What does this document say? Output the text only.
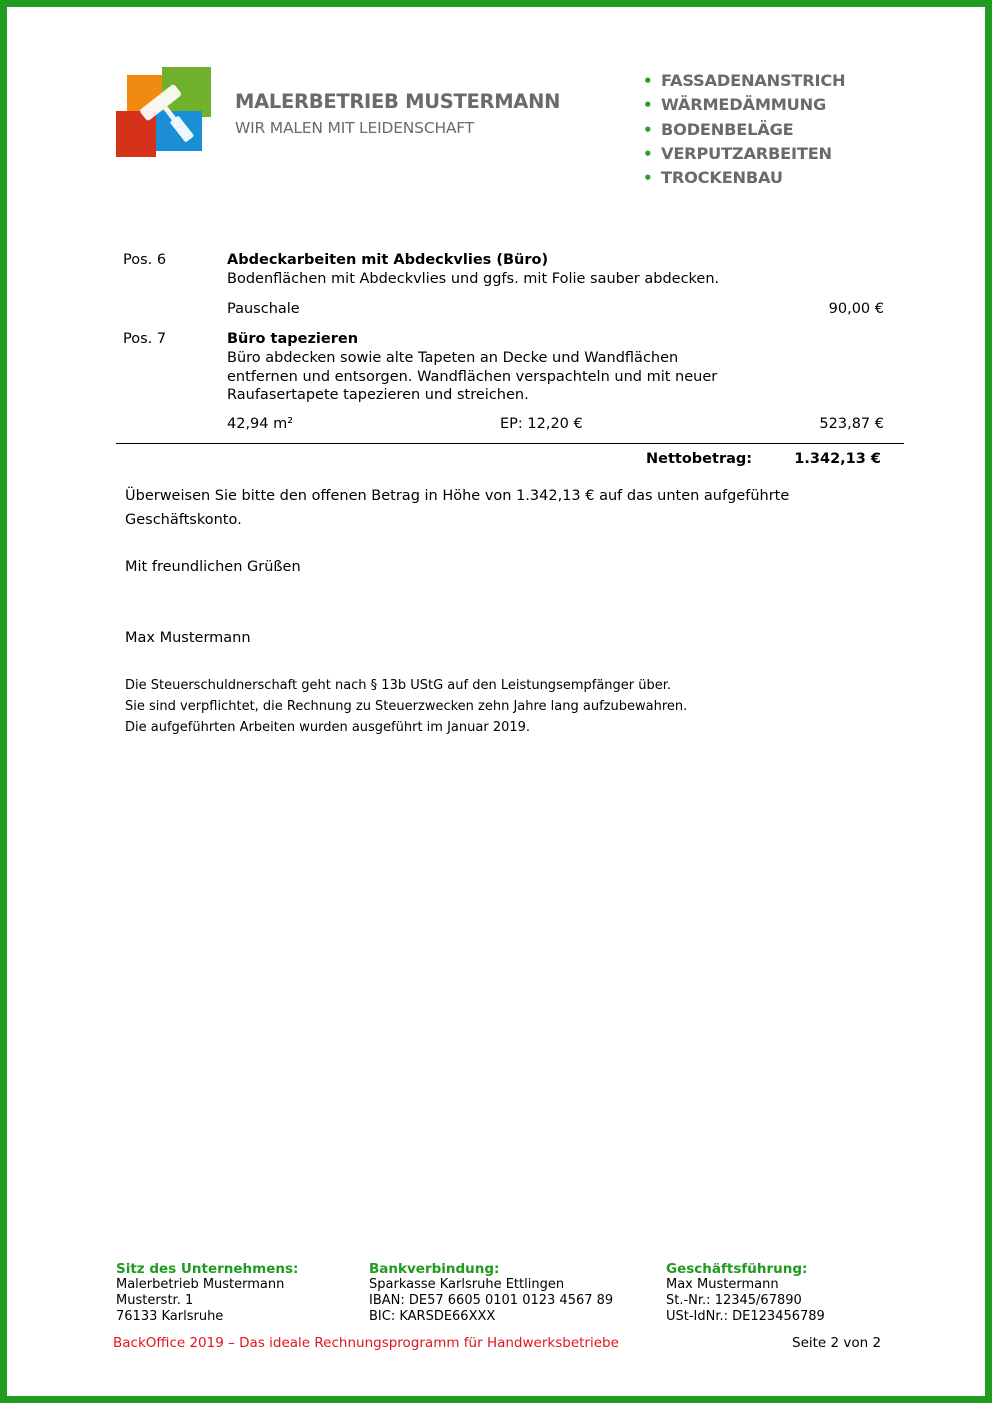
MALERBETRIEB MUSTERMANN
WIR MALEN MIT LEIDENSCHAFT
• FASSADENANSTRICH
• WÄRMEDÄMMUNG
• BODENBELÄGE
• VERPUTZARBEITEN
• TROCKENBAU
Pos. 6	Abdeckarbeiten mit Abdeckvlies (Büro)
Bodenflächen mit Abdeckvlies und ggfs. mit Folie sauber abdecken.
Pauschale	90,00 €
Pos. 7	Büro tapezieren
Büro abdecken sowie alte Tapeten an Decke und Wandflächen
entfernen und entsorgen. Wandflächen verspachteln und mit neuer
Raufasertapete tapezieren und streichen.
42,94 m²	EP: 12,20 €	523,87 €
Nettobetrag:	1.342,13 €
Überweisen Sie bitte den offenen Betrag in Höhe von 1.342,13 € auf das unten aufgeführte
Geschäftskonto.
Mit freundlichen Grüßen
Max Mustermann
Die Steuerschuldnerschaft geht nach § 13b UStG auf den Leistungsempfänger über.
Sie sind verpflichtet, die Rechnung zu Steuerzwecken zehn Jahre lang aufzubewahren.
Die aufgeführten Arbeiten wurden ausgeführt im Januar 2019.
Sitz des Unternehmens:
Malerbetrieb Mustermann
Musterstr. 1
76133 Karlsruhe
Bankverbindung:
Sparkasse Karlsruhe Ettlingen
IBAN: DE57 6605 0101 0123 4567 89
BIC: KARSDE66XXX
Geschäftsführung:
Max Mustermann
St.-Nr.: 12345/67890
USt-IdNr.: DE123456789
BackOffice 2019 – Das ideale Rechnungsprogramm für Handwerksbetriebe	Seite 2 von 2
